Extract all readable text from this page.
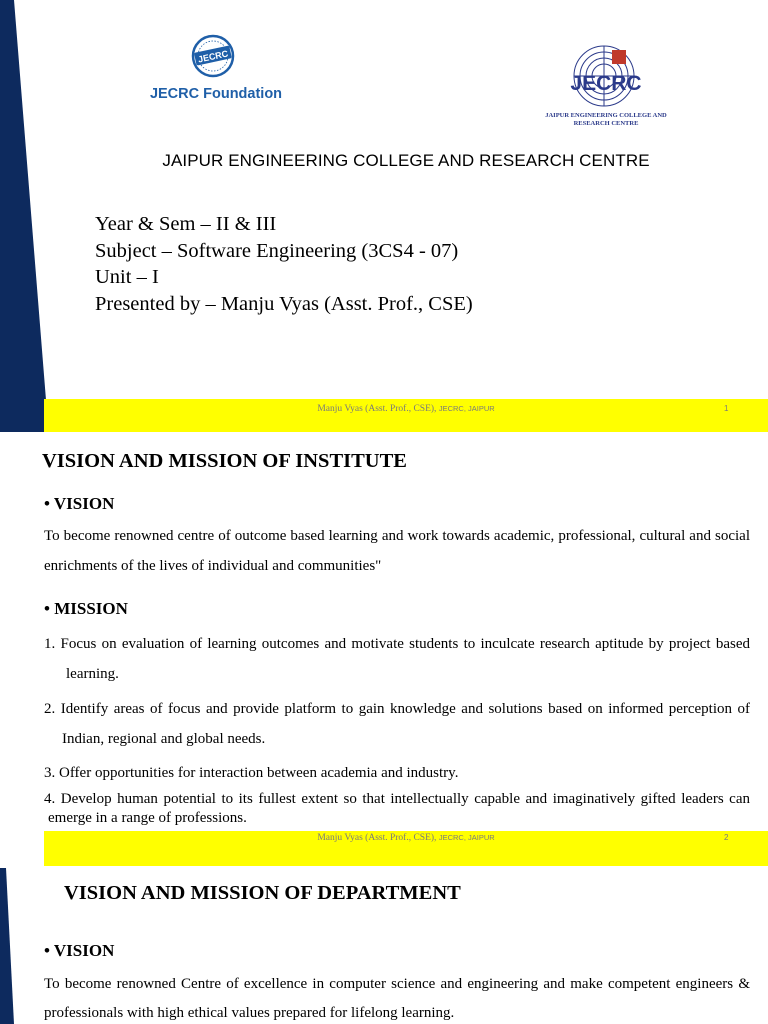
JECRC
JECRC Foundation	JECRC
JAIPUR ENGINEERING COLLEGE AND RESEARCH CENTRE
JAIPUR ENGINEERING COLLEGE AND RESEARCH CENTRE
Year & Sem – II & III
Subject – Software Engineering (3CS4 - 07)
Unit – I
Presented by – Manju Vyas (Asst. Prof., CSE)
Manju Vyas (Asst. Prof., CSE), JECRC, JAIPUR	1
VISION AND MISSION OF INSTITUTE
• VISION
To become renowned centre of outcome based learning and work towards academic, professional, cultural and social enrichments of the lives of individual and communities"
• MISSION
1. Focus on evaluation of learning outcomes and motivate students to inculcate research aptitude by project based learning.
2. Identify areas of focus and provide platform to gain knowledge and solutions based on informed perception of Indian, regional and global needs.
3. Offer opportunities for interaction between academia and industry.
4. Develop human potential to its fullest extent so that intellectually capable and imaginatively gifted leaders can emerge in a range of professions.
Manju Vyas (Asst. Prof., CSE), JECRC, JAIPUR	2
VISION AND MISSION OF DEPARTMENT
• VISION
To become renowned Centre of excellence in computer science and engineering and make competent engineers & professionals with high ethical values prepared for lifelong learning.
